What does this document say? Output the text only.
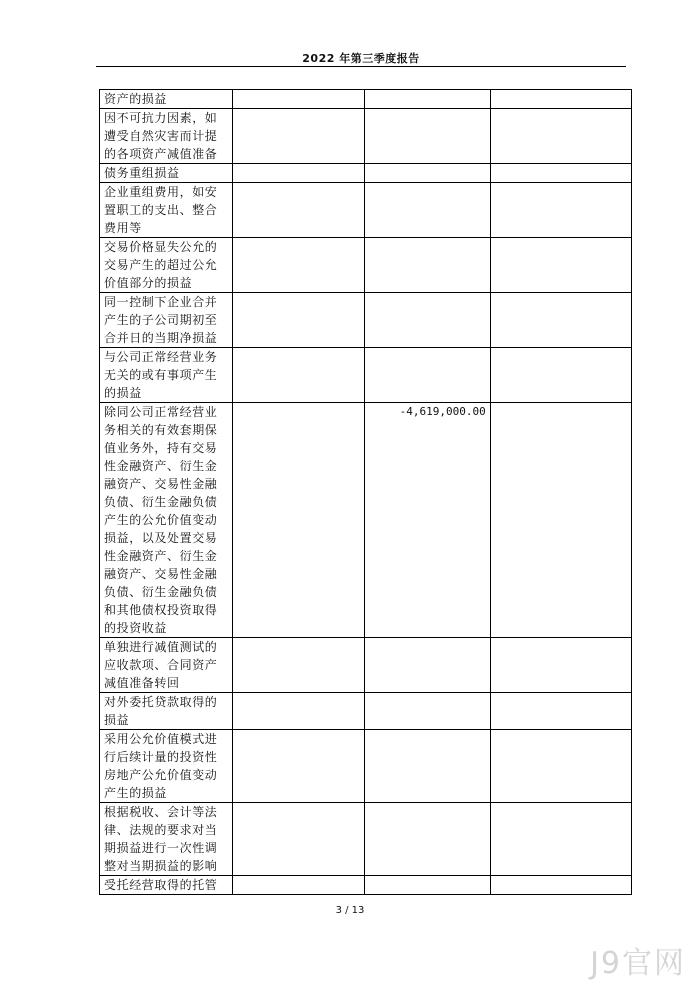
2022 年第三季度报告
资产的损益			
因不可抗力因素，如遭受自然灾害而计提的各项资产减值准备			
债务重组损益			
企业重组费用，如安置职工的支出、整合费用等			
交易价格显失公允的交易产生的超过公允价值部分的损益			
同一控制下企业合并产生的子公司期初至合并日的当期净损益			
与公司正常经营业务无关的或有事项产生的损益			
除同公司正常经营业务相关的有效套期保值业务外，持有交易性金融资产、衍生金融资产、交易性金融负债、衍生金融负债产生的公允价值变动损益，以及处置交易性金融资产、衍生金融资产、交易性金融负债、衍生金融负债和其他债权投资取得的投资收益		-4,619,000.00	
单独进行减值测试的应收款项、合同资产减值准备转回			
对外委托贷款取得的损益			
采用公允价值模式进行后续计量的投资性房地产公允价值变动产生的损益			
根据税收、会计等法律、法规的要求对当期损益进行一次性调整对当期损益的影响			
受托经营取得的托管			
3 / 13
J9官网
